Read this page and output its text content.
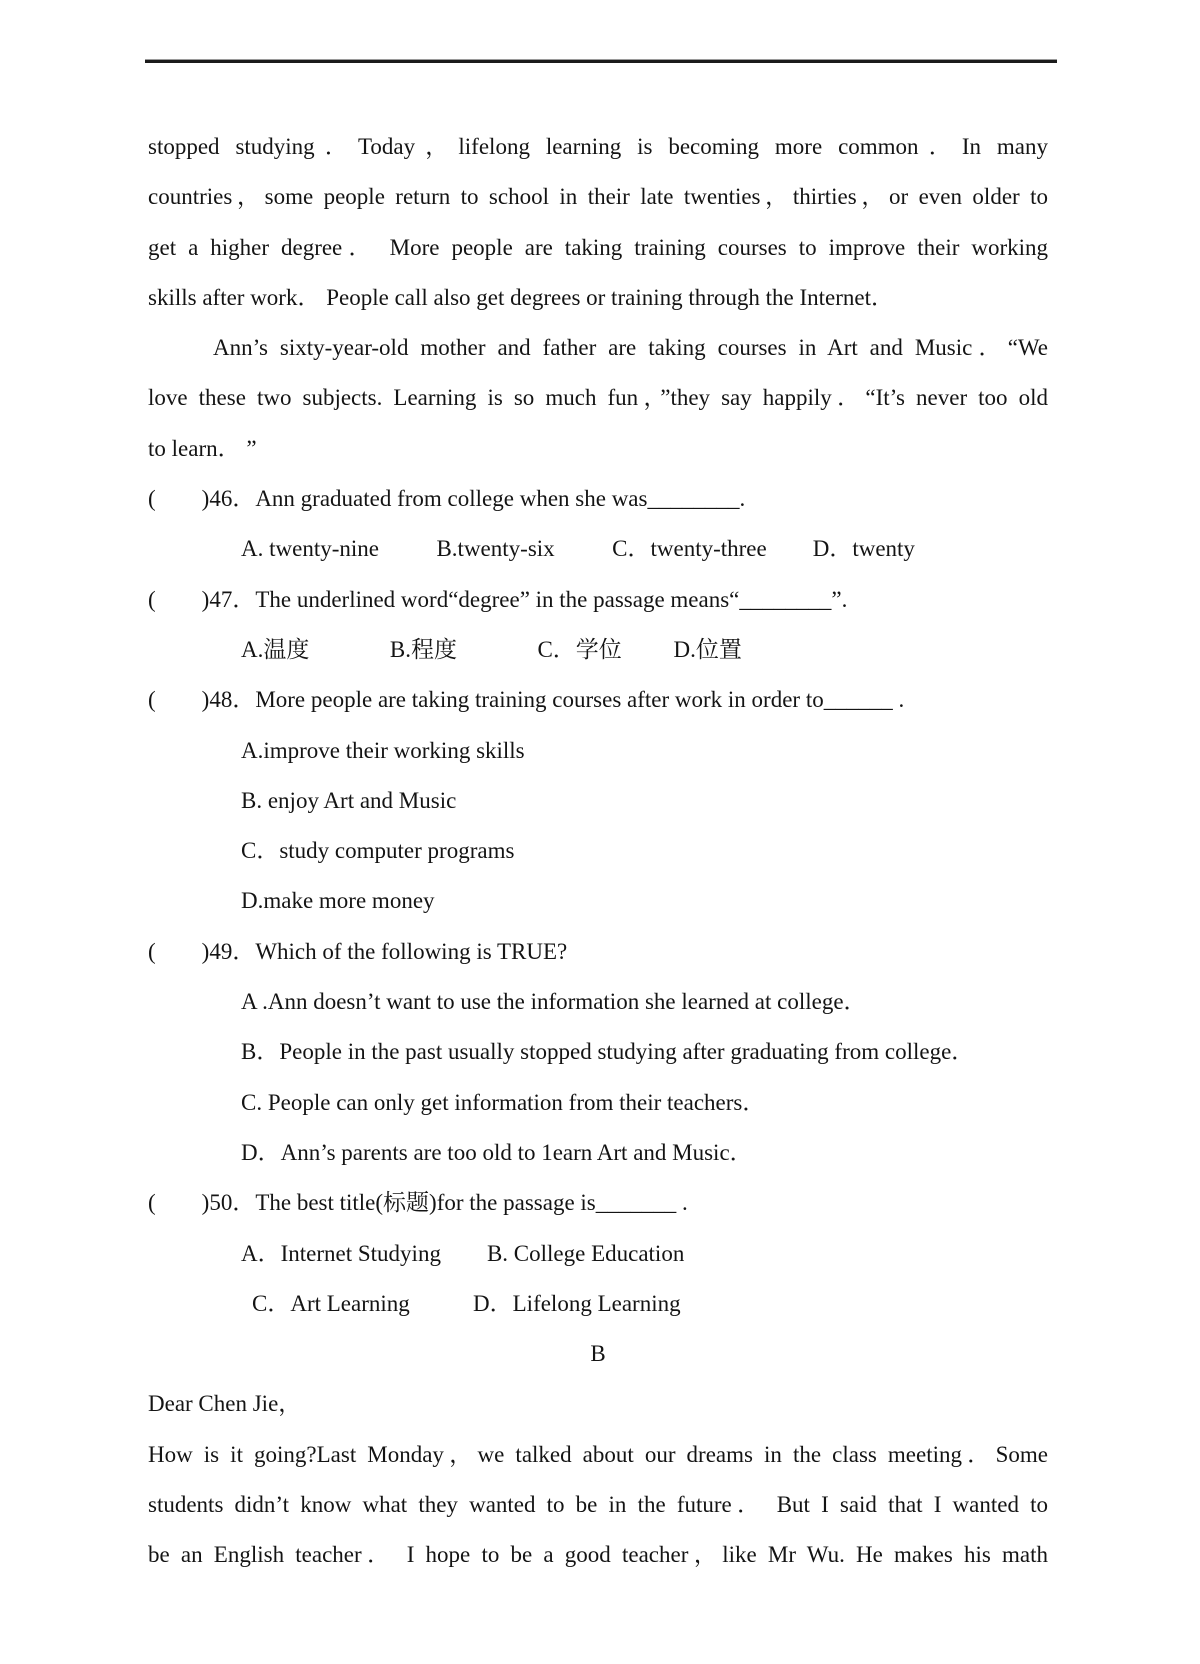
stopped studying．Today，lifelong learning is becoming more common．In many
countries，some people return to school in their late twenties，thirties，or even older to
get a higher degree． More people are taking training courses to improve their working
skills after work． People call also get degrees or training through the Internet．
Ann’s sixty-year-old mother and father are taking courses in Art and Music．“We
love these two subjects. Learning is so much fun，”they say happily．“It’s never too old
to learn． ”
(        )46．Ann graduated from college when she was________.
A. twenty-nine          B.twenty-six          C．twenty-three        D．twenty
(        )47．The underlined word“degree” in the passage means“________”.
A.温度              B.程度              C．学位         D.位置
(        )48．More people are taking training courses after work in order to______ .
A.improve their working skills
B. enjoy Art and Music
C．study computer programs
D.make more money
(        )49．Which of the following is TRUE?
A .Ann doesn’t want to use the information she learned at college．
B．People in the past usually stopped studying after graduating from college．
C. People can only get information from their teachers．
D．Ann’s parents are too old to 1earn Art and Music．
(        )50．The best title(标题)for the passage is_______ .
A．Internet Studying        B. College Education
C．Art Learning           D．Lifelong Learning
B
Dear Chen Jie，
How is it going?Last Monday，we talked about our dreams in the class meeting．Some
students didn’t know what they wanted to be in the future． But I said that I wanted to
be an English teacher． I hope to be a good teacher，like Mr Wu. He makes his math
